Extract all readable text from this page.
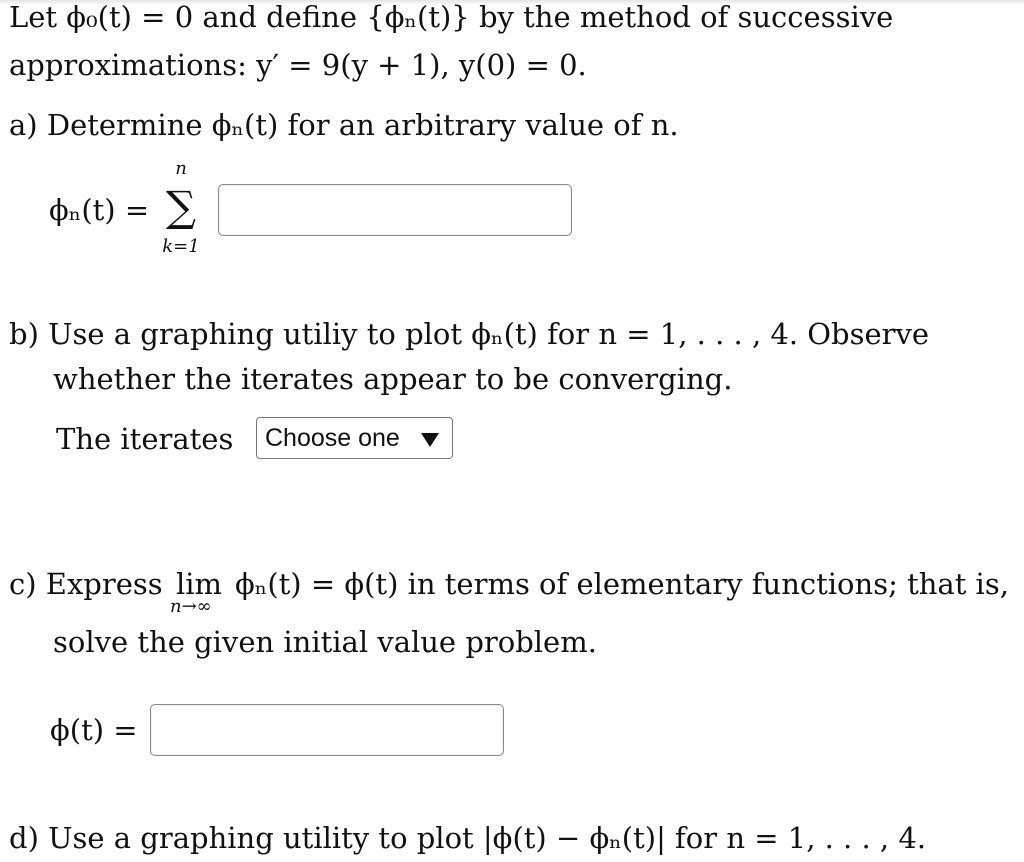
Let ϕ₀(t) = 0 and define {ϕₙ(t)} by the method of successive
approximations: y′ = 9(y + 1), y(0) = 0.
a) Determine ϕₙ(t) for an arbitrary value of n.
ϕₙ(t) =
n
∑
k=1
b) Use a graphing utiliy to plot ϕₙ(t) for n = 1, . . . , 4. Observe
whether the iterates appear to be converging.
The iterates Choose one
c) Express lim
n→∞
ϕₙ(t) = ϕ(t) in terms of elementary functions; that is,
solve the given initial value problem.
ϕ(t) =
d) Use a graphing utility to plot |ϕ(t) − ϕₙ(t)| for n = 1, . . . , 4.
